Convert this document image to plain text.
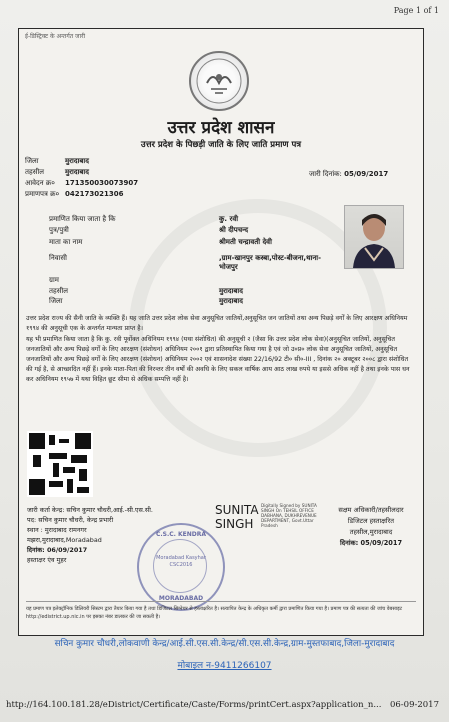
Page 1 of 1
ई-डिस्ट्रिक्ट के अन्तर्गत जारी
उत्तर प्रदेश शासन
उत्तर प्रदेश के पिछड़ी जाति के लिए जाति प्रमाण पत्र
जिला	मुरादाबाद
तहसील	मुरादाबाद
आवेदन क्र० 171350030073907
प्रमाणपत्र क्र० 042173021306
जारी दिनांक: 05/09/2017
प्रमाणित किया जाता है कि	कु. रवी
पुत्र/पुत्री	श्री दीपचन्द
माता का नाम	श्रीमती चन्द्रावती देवी
निवासी	,ग्राम-खानपुर कस्बा,पोस्ट-बीजना,थाना-भोजपुर
ग्राम
तहसील	मुरादाबाद
जिला	मुरादाबाद
उत्तर प्रदेश राज्य की सैनी जाति के व्यक्ति हैं। यह जाति उत्तर प्रदेश लोक सेवा अनुसूचित जातियों,अनुसूचित जन जातियों तथा अन्य पिछड़े वर्गों के लिए आरक्षण अधिनियम १९९४ की अनुसूची एक के अन्तर्गत मान्यता प्राप्त है।
यह भी प्रमाणित किया जाता है कि कु. रवी पूर्वोक्त अधिनियम १९९४ (यथा संशोधित) की अनुसूची २ (जैसा कि उत्तर प्रदेश लोक सेवा)(अनुसूचित जातियों, अनुसूचित जनजातियों और अन्य पिछड़े वर्गों के लिए आरक्षण (संशोधन) अधिनियम २००१ द्वारा प्रतिस्थापित किया गया है एवं जो उ०प्र० लोक सेवा अनुसूचित जातियों, अनुसूचित जनजातियों और अन्य पिछड़े वर्गों के लिए आरक्षण (संशोधन) अधिनियम २००२ एवं शासनादेश संख्या 22/16/92 टी० सी०-III , दिनांक २० अक्टूबर २००८ द्वारा संशोधित की गई है, से आच्छादित नहीं हैं। इनके माता-पिता की निरन्तर तीन वर्षों की अवधि के लिए सकल वार्षिक आय आठ लाख रुपये या इससे अधिक नहीं है तथा इनके पास धन कर अधिनियम १९५७ में यथा विहित छूट सीमा से अधिक सम्पत्ति नहीं है।
जारी कर्ता केन्द्र: सचिन कुमार चौधरी,आई.-सी.एस.सी.
पद: सचिन कुमार चौधरी, केन्द्र प्रभारी
स्थान : मुरादाबाद रामनगर
मझरा,मुरादाबाद,Moradabad
दिनांक: 06/09/2017
हस्ताक्षर एंव मुहर
SUNITA
SINGH
Digitally Signed by SUNITA SINGH On TEHSIL OFFICE DABHANA, DUKHREVENUE DEPARTMENT, Govt.Uttar Pradesh
सक्षम अधिकारी/तहसीलदार
डिजिटल हस्ताक्षरित
तहसील,मुरादाबाद
दिनांक: 05/09/2017
C.S.C. KENDRA
Moradabad Kasyhar CSC2016
MORADABAD
यह प्रमाण पत्र इलेक्ट्रॉनिक डिलिवरी सिस्टम द्वारा तैयार किया गया है तथा डिजिटल सिग्नेचर से हस्ताक्षरित है। सत्यापित केन्द्र के अधिकृत कर्मी द्वारा प्रमाणित किया गया है। प्रमाण पत्र की सत्यता की जांच वेबसाइट http://edistrict.up.nic.in पर इसका नंबर डालकर की जा सकती है।
सचिन कुमार चौधरी,लोकवाणी केन्द्र/आई.सी.एस.सी.केन्द्र/सी.एस.सी.केन्द्र,ग्राम-मुस्तफाबाद,जिला-मुरादाबाद
मोबाइल न-9411266107
http://164.100.181.28/eDistrict/Certificate/Caste/Forms/printCert.aspx?application_n... 06-09-2017
